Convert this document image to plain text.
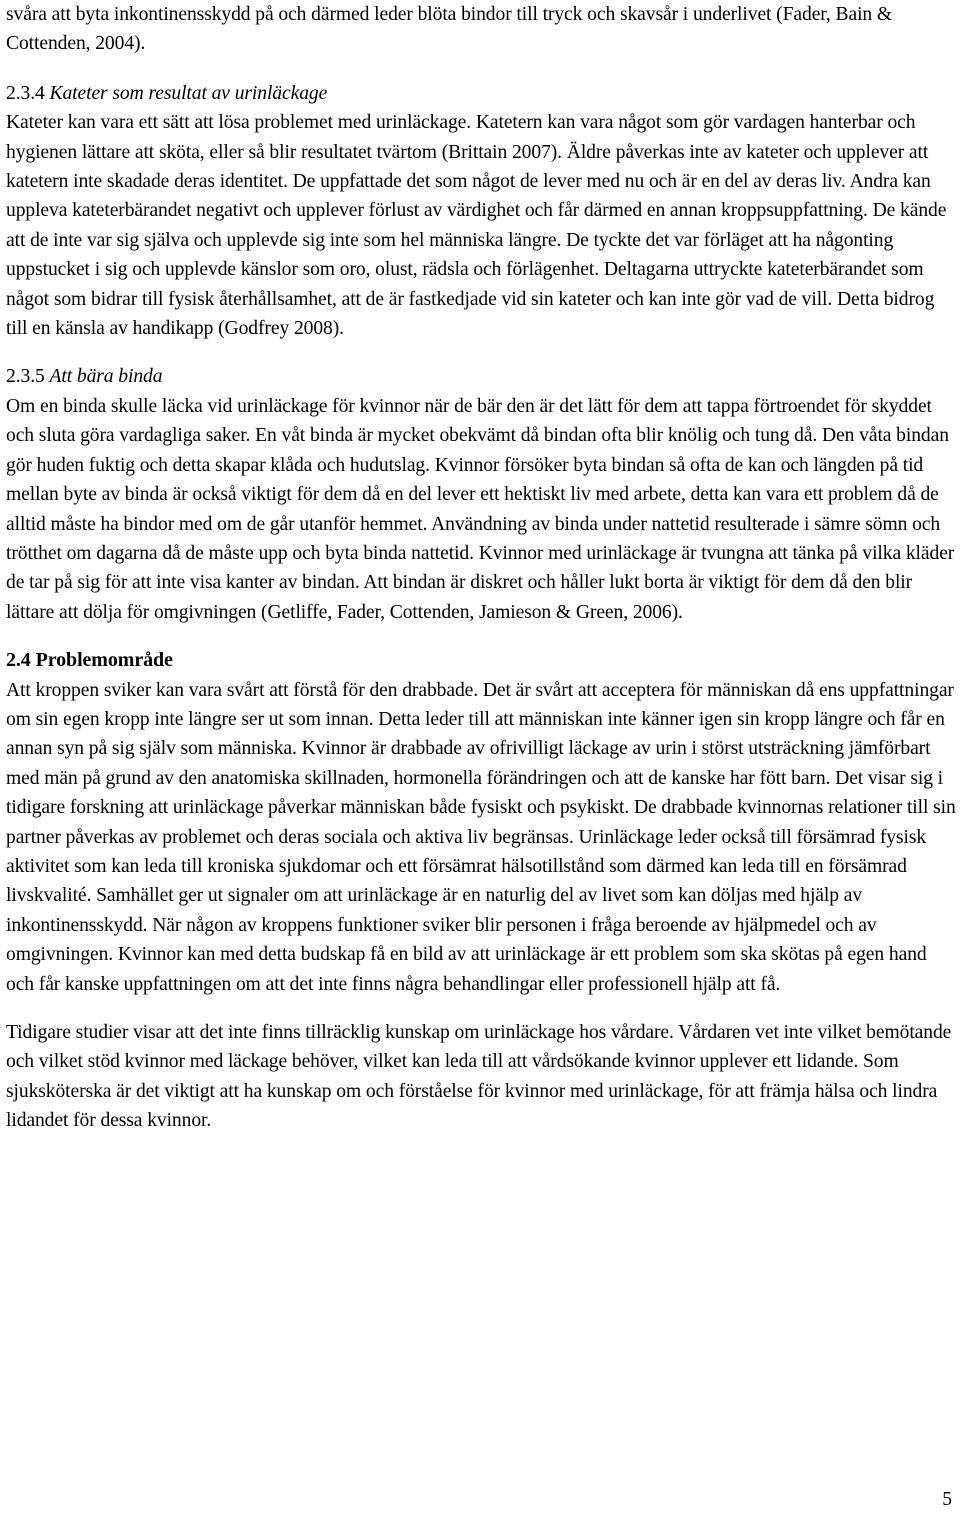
svåra att byta inkontinensskydd på och därmed leder blöta bindor till tryck och skavsår i underlivet (Fader, Bain & Cottenden, 2004).

2.3.4 Kateter som resultat av urinläckage

Kateter kan vara ett sätt att lösa problemet med urinläckage. Katetern kan vara något som gör vardagen hanterbar och hygienen lättare att sköta, eller så blir resultatet tvärtom (Brittain 2007). Äldre påverkas inte av kateter och upplever att katetern inte skadade deras identitet. De uppfattade det som något de lever med nu och är en del av deras liv. Andra kan uppleva kateterbärandet negativt och upplever förlust av värdighet och får därmed en annan kroppsuppfattning. De kände att de inte var sig själva och upplevde sig inte som hel människa längre. De tyckte det var förläget att ha någonting uppstucket i sig och upplevde känslor som oro, olust, rädsla och förlägenhet. Deltagarna uttryckte kateterbärandet som något som bidrar till fysisk återhållsamhet, att de är fastkedjade vid sin kateter och kan inte gör vad de vill. Detta bidrog till en känsla av handikapp (Godfrey 2008).

2.3.5 Att bära binda

Om en binda skulle läcka vid urinläckage för kvinnor när de bär den är det lätt för dem att tappa förtroendet för skyddet och sluta göra vardagliga saker. En våt binda är mycket obekvämt då bindan ofta blir knölig och tung då. Den våta bindan gör huden fuktig och detta skapar klåda och hudutslag. Kvinnor försöker byta bindan så ofta de kan och längden på tid mellan byte av binda är också viktigt för dem då en del lever ett hektiskt liv med arbete, detta kan vara ett problem då de alltid måste ha bindor med om de går utanför hemmet. Användning av binda under nattetid resulterade i sämre sömn och trötthet om dagarna då de måste upp och byta binda nattetid. Kvinnor med urinläckage är tvungna att tänka på vilka kläder de tar på sig för att inte visa kanter av bindan. Att bindan är diskret och håller lukt borta är viktigt för dem då den blir lättare att dölja för omgivningen (Getliffe, Fader, Cottenden, Jamieson & Green, 2006).

2.4 Problemområde

Att kroppen sviker kan vara svårt att förstå för den drabbade. Det är svårt att acceptera för människan då ens uppfattningar om sin egen kropp inte längre ser ut som innan. Detta leder till att människan inte känner igen sin kropp längre och får en annan syn på sig själv som människa. Kvinnor är drabbade av ofrivilligt läckage av urin i störst utsträckning jämförbart med män på grund av den anatomiska skillnaden, hormonella förändringen och att de kanske har fött barn. Det visar sig i tidigare forskning att urinläckage påverkar människan både fysiskt och psykiskt. De drabbade kvinnornas relationer till sin partner påverkas av problemet och deras sociala och aktiva liv begränsas. Urinläckage leder också till försämrad fysisk aktivitet som kan leda till kroniska sjukdomar och ett försämrat hälsotillstånd som därmed kan leda till en försämrad livskvalité. Samhället ger ut signaler om att urinläckage är en naturlig del av livet som kan döljas med hjälp av inkontinensskydd. När någon av kroppens funktioner sviker blir personen i fråga beroende av hjälpmedel och av omgivningen. Kvinnor kan med detta budskap få en bild av att urinläckage är ett problem som ska skötas på egen hand och får kanske uppfattningen om att det inte finns några behandlingar eller professionell hjälp att få.

Tidigare studier visar att det inte finns tillräcklig kunskap om urinläckage hos vårdare. Vårdaren vet inte vilket bemötande och vilket stöd kvinnor med läckage behöver, vilket kan leda till att vårdsökande kvinnor upplever ett lidande. Som sjuksköterska är det viktigt att ha kunskap om och förståelse för kvinnor med urinläckage, för att främja hälsa och lindra lidandet för dessa kvinnor.

5
